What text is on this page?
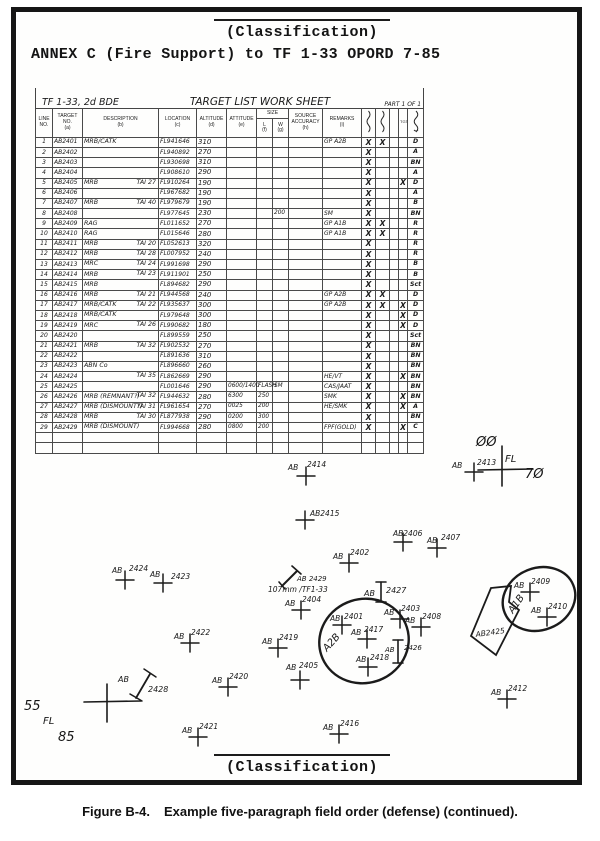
(Classification)
ANNEX C (Fire Support) to TF 1-33 OPORD 7-85
TF 1-33, 2d BDE			TARGET LIST WORK SHEET							PART 1 OF 1				
LINE
NO.	TARGET
NO.
(a)	DESCRIPTION
(b)	LOCATION
(c)	ALTITUDE
(d)	ATTITUDE
(e)	SIZE		SOURCE
ACCURACY
(h)	REMARKS
(i)				TGT	
						L
(f)	W
(g)							
1	AB2401	MRB/CATK	FL941646	310					GP A2B	X	X			D
2	AB2402		FL940892	270						X				A
3	AB2403		FL930698	310						X				BN
4	AB2404		FL908610	290						X				A
5	AB2405	MRB TAI 27	FL910264	190						X			X	D
6	AB2406		FL967682	190						X				A
7	AB2407	MRB TAI 40	FL979679	190						X				B
8	AB2408		FL977645	230			200		SM	X				BN
9	AB2409	RAG	FL011652	270					GP A1B	X	X			R
10	AB2410	RAG	FL015646	280					GP A1B	X	X			R
11	AB2411	MRB TAI 20	FL052613	320						X				R
12	AB2412	MRB TAI 28	FL007952	240						X				R
13	AB2413	MRC TAI 24	FL991698	290						X				B
14	AB2414	MRB TAI 23	FL911901	250						X				B
15	AB2415	MRB	FL894682	290						X				Sct
16	AB2416	MRB TAI 21	FL944568	240					GP A2B	X	X			D
17	AB2417	MRB/CATK TAI 22	FL935637	300					GP A2B	X	X		X	D
18	AB2418	MRB/CATK	FL979648	300						X			X	D
19	AB2419	MRC TAI 26	FL990682	180						X			X	D
20	AB2420		FL899559	250						X				Sct
21	AB2421	MRB TAI 32	FL902532	270						X				BN
22	AB2422		FL891636	310						X				BN
23	AB2423	ABN Co	FL896660	260						X				BN
24	AB2424	TAI 35	FL862669	290					HE/VT	X			X	BN
25	AB2425		FL001646	290	0600/1400	FLASH	SM		CAS/JAAT	X				BN
26	AB2426	MRB (REMNANT?)
TAI 32	FL944632	280	6300	250			SMK	X			X	BN
27	AB2427	MRB (DISMOUNT?)
TAI 31	FL961654	270	0025	200			HE/SMK	X			X	A
28	AB2428	MRB TAI 30	FL877938	290	0200	300				X				BN
29	AB2429	MRB (DISMOUNT)	FL994668	280	0800	200			FPF(GOLD)	X			X	C

ØØ
FL
7Ø
AB 2413
AB 2414
AB2415
AB2406
AB 2407
AB 2402
AB 2424
AB 2423	AB 2429
107mm /TF1-33
AB 2404
AB 2427
A2B
AB 2401
AB 2417
AB 2418
AB 2403
AB 2408
AB 2426
A1B
AB2425
AB 2409
AB 2410
AB 2412
AB 2419
AB 2405
AB 2422
AB 2420
AB
2428
AB 2421	AB 2416
55
FL
85
(Classification)
Figure B-4. Example five-paragraph field order (defense) (continued).
